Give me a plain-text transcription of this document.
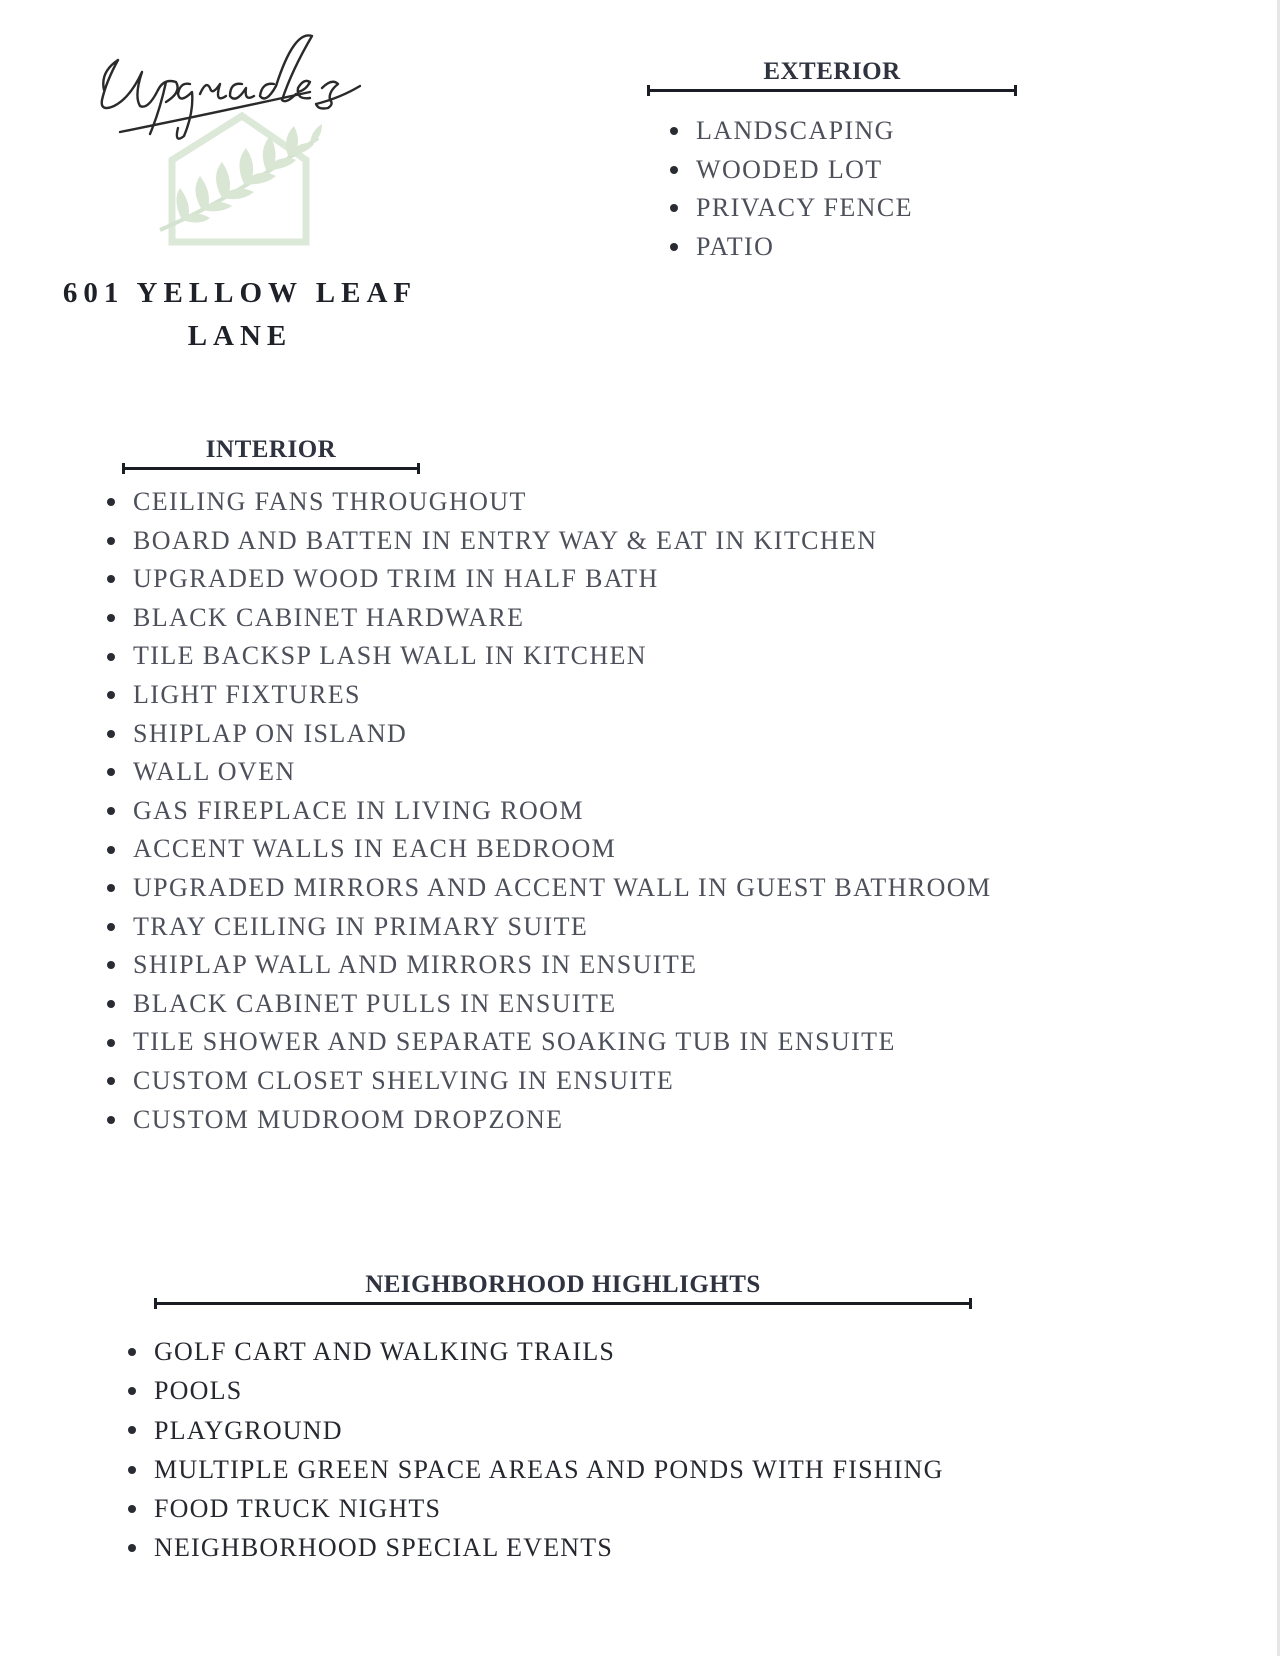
601 YELLOW LEAF LANE
EXTERIOR
LANDSCAPING
WOODED LOT
PRIVACY FENCE
PATIO
INTERIOR
CEILING FANS THROUGHOUT
BOARD AND BATTEN IN ENTRY WAY & EAT IN KITCHEN
UPGRADED WOOD TRIM IN HALF BATH
BLACK CABINET HARDWARE
TILE BACKSP LASH WALL IN KITCHEN
LIGHT FIXTURES
SHIPLAP ON ISLAND
WALL OVEN
GAS FIREPLACE IN LIVING ROOM
ACCENT WALLS IN EACH BEDROOM
UPGRADED MIRRORS AND ACCENT WALL IN GUEST BATHROOM
TRAY CEILING IN PRIMARY SUITE
SHIPLAP WALL AND MIRRORS IN ENSUITE
BLACK CABINET PULLS IN ENSUITE
TILE SHOWER AND SEPARATE SOAKING TUB IN ENSUITE
CUSTOM CLOSET SHELVING IN ENSUITE
CUSTOM MUDROOM DROPZONE
NEIGHBORHOOD HIGHLIGHTS
GOLF CART AND WALKING TRAILS
POOLS
PLAYGROUND
MULTIPLE GREEN SPACE AREAS AND PONDS WITH FISHING
FOOD TRUCK NIGHTS
NEIGHBORHOOD SPECIAL EVENTS
